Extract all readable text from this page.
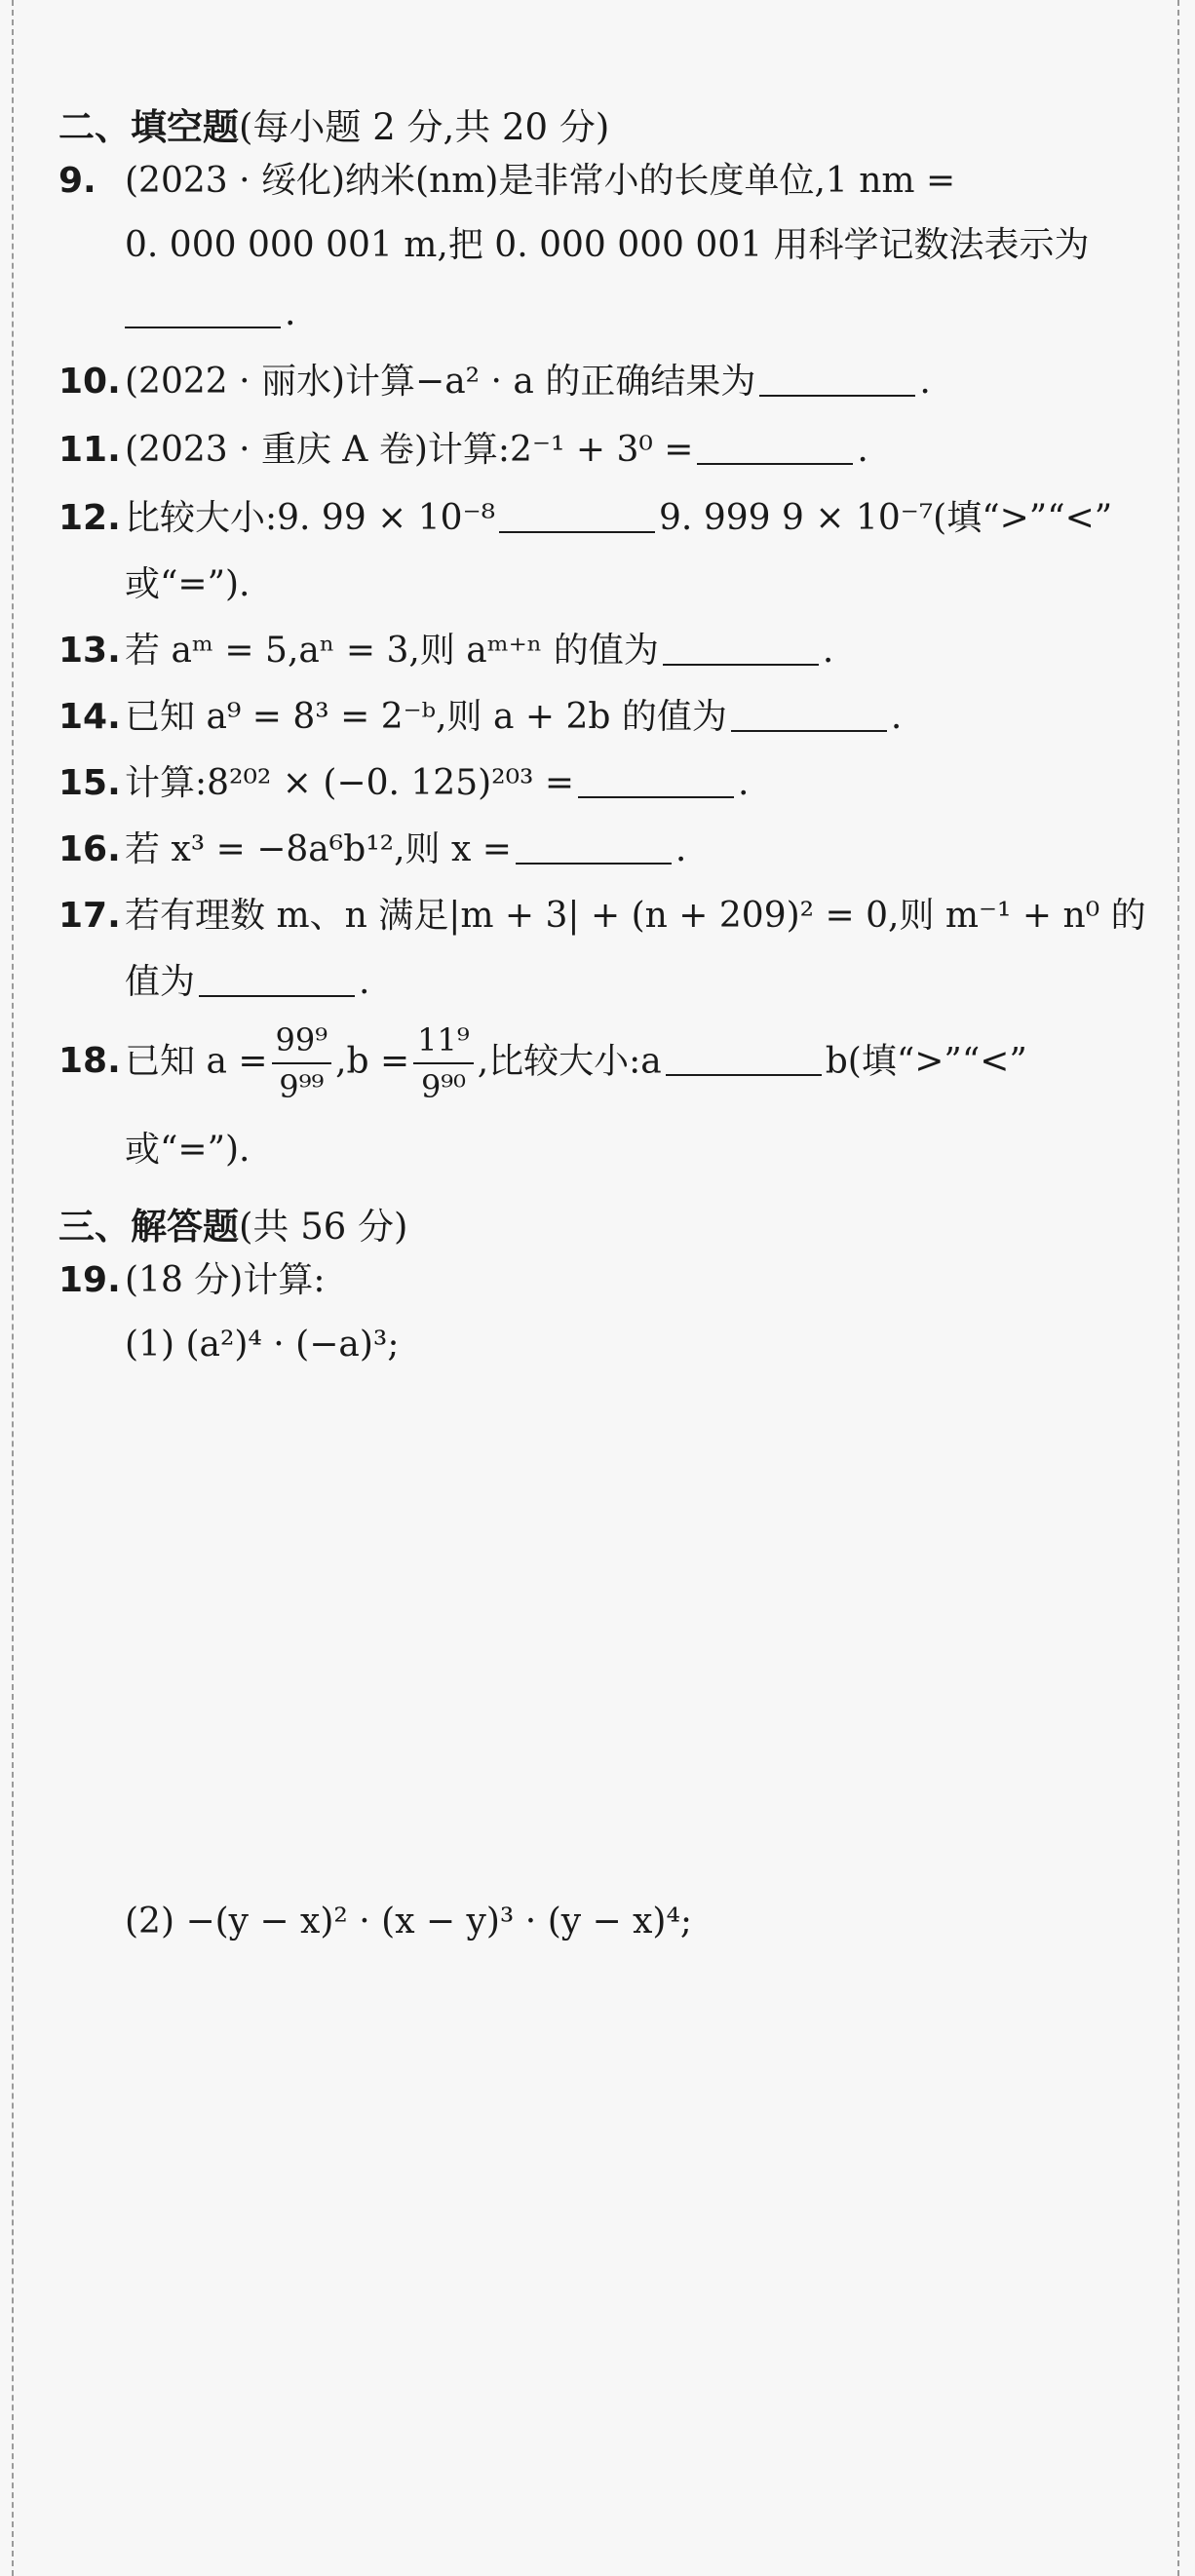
二、填空题(每小题 2 分,共 20 分)
9. (2023 · 绥化)纳米(nm)是非常小的长度单位,1 nm =
0. 000 000 001 m,把 0. 000 000 001 用科学记数法表示为
.
10. (2022 · 丽水)计算−a² · a 的正确结果为	.
11. (2023 · 重庆 A 卷)计算:2⁻¹ + 3⁰ =	.
12. 比较大小:9. 99 × 10⁻⁸	9. 999 9 × 10⁻⁷(填“>”“<”
或“=”).
13. 若 aᵐ = 5,aⁿ = 3,则 aᵐ⁺ⁿ 的值为	.
14. 已知 a⁹ = 8³ = 2⁻ᵇ,则 a + 2b 的值为	.
15. 计算:8²⁰² × (−0. 125)²⁰³ =	.
16. 若 x³ = −8a⁶b¹²,则 x =	.
17. 若有理数 m、n 满足|m + 3| + (n + 209)² = 0,则 m⁻¹ + n⁰ 的
值为	.
18. 已知 $a = \frac{\text{99⁹}}{\text{9⁹⁹}} ,b = \frac{\text{11⁹}}{\text{9⁹⁰}}$ ,比较大小:a	b(填“>”“<”
或“=”).
三、解答题(共 56 分)
19. (18 分)计算:
(1) (a²)⁴ · (−a)³;
(2) −(y − x)² · (x − y)³ · (y − x)⁴;
